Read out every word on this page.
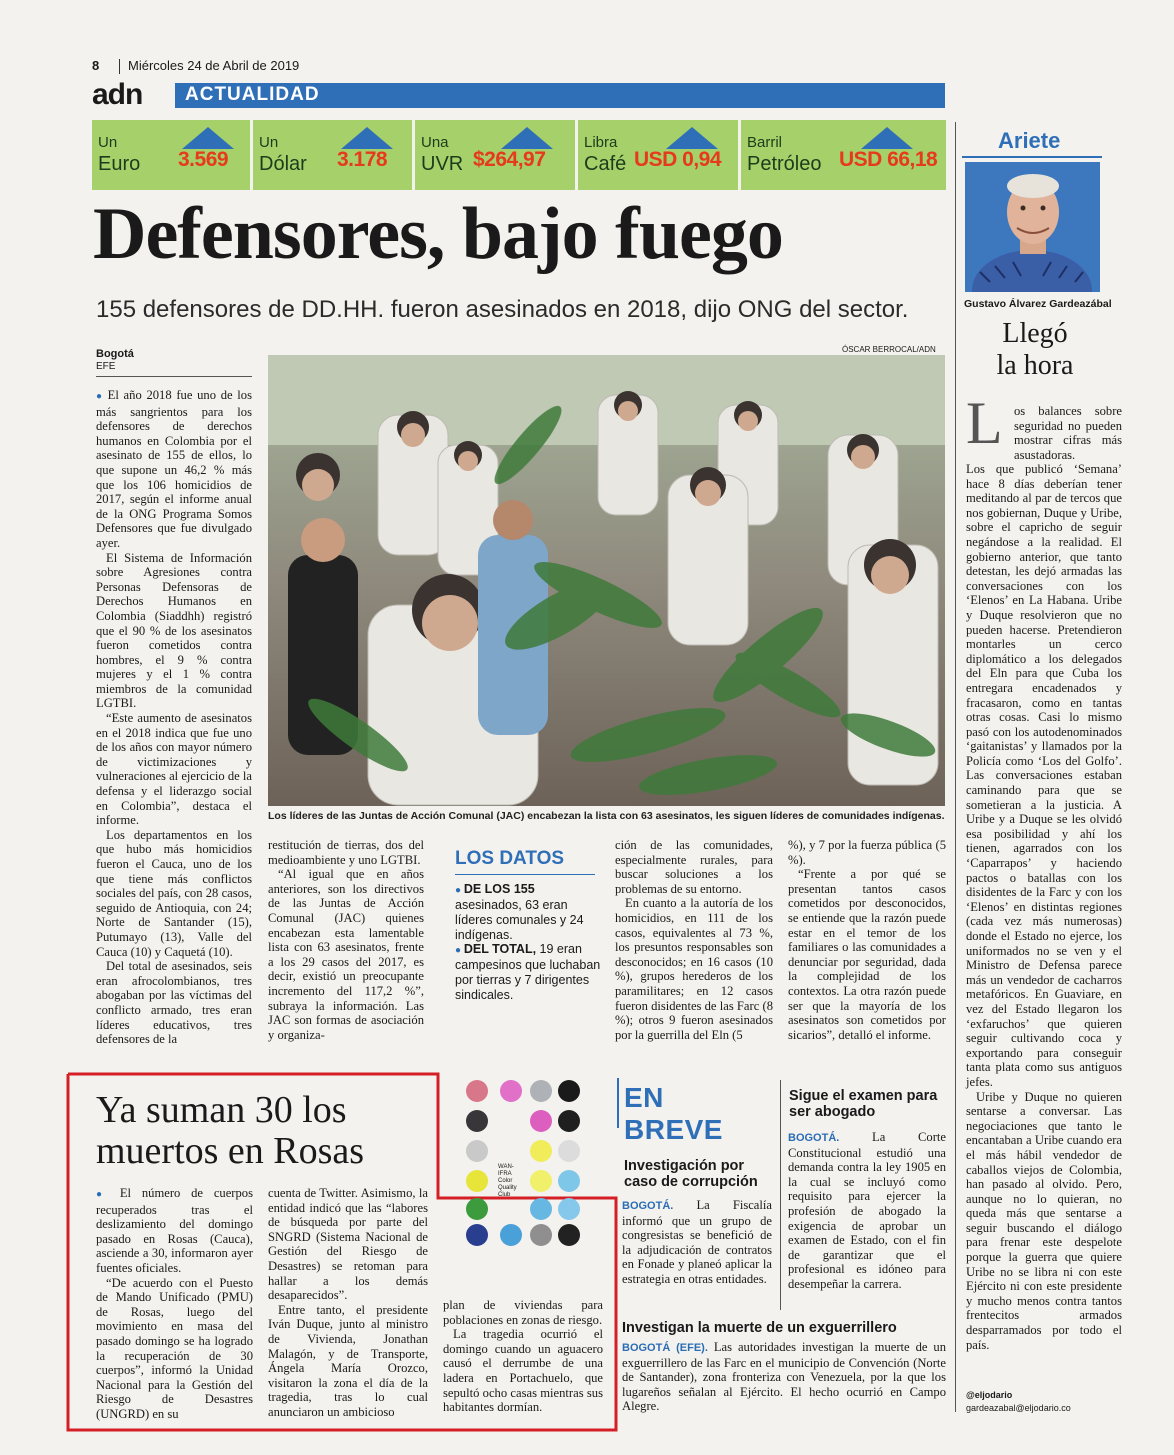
8 Miércoles 24 de Abril de 2019
adn ACTUALIDAD
Un
Euro 3.569
Un
Dólar 3.178
Una
UVR $264,97
Libra
Café USD 0,94
Barril
Petróleo USD 66,18
Defensores, bajo fuego
155 defensores de DD.HH. fueron asesinados en 2018, dijo ONG del sector.
Bogotá
EFE
ÓSCAR BERROCAL/ADN
Los líderes de las Juntas de Acción Comunal (JAC) encabezan la lista con 63 asesinatos, les siguen líderes de comunidades indígenas.

● El año 2018 fue uno de los más sangrientos para los defensores de derechos humanos en Colombia por el asesinato de 155 de ellos, lo que supone un 46,2 % más que los 106 homicidios de 2017, según el informe anual de la ONG Programa Somos Defensores que fue divulgado ayer.

El Sistema de Información sobre Agresiones contra Personas Defensoras de Derechos Humanos en Colombia (Siaddhh) registró que el 90 % de los asesinatos fueron cometidos contra hombres, el 9 % contra mujeres y el 1 % contra miembros de la comunidad LGTBI.

“Este aumento de asesinatos en el 2018 indica que fue uno de los años con mayor número de victimizaciones y vulneraciones al ejercicio de la defensa y el liderazgo social en Colombia”, destaca el informe.

Los departamentos en los que hubo más homicidios fueron el Cauca, uno de los que tiene más conflictos sociales del país, con 28 casos, seguido de Antioquia, con 24; Norte de Santander (15), Putumayo (13), Valle del Cauca (10) y Caquetá (10).

Del total de asesinados, seis eran afrocolombianos, tres abogaban por las víctimas del conflicto armado, tres eran líderes educativos, tres defensores de la

restitución de tierras, dos del medioambiente y uno LGTBI.

“Al igual que en años anteriores, son los directivos de las Juntas de Acción Comunal (JAC) quienes encabezan esta lamentable lista con 63 asesinatos, frente a los 29 casos del 2017, es decir, existió un preocupante incremento del 117,2 %”, subraya la información. Las JAC son formas de asociación y organiza-

LOS DATOS
● DE LOS 155 asesinados, 63 eran líderes comunales y 24 indígenas.
● DEL TOTAL, 19 eran campesinos que luchaban por tierras y 7 dirigentes sindicales.

ción de las comunidades, especialmente rurales, para buscar soluciones a los problemas de su entorno.

En cuanto a la autoría de los homicidios, en 111 de los casos, equivalentes al 73 %, los presuntos responsables son desconocidos; en 16 casos (10 %), grupos herederos de los paramilitares; en 12 casos fueron disidentes de las Farc (8 %); otros 9 fueron asesinados por la guerrilla del Eln (5

%), y 7 por la fuerza pública (5 %).

“Frente a por qué se presentan tantos casos cometidos por desconocidos, se entiende que la razón puede estar en el temor de los familiares o las comunidades a denunciar por seguridad, dada la complejidad de los contextos. La otra razón puede ser que la mayoría de los asesinatos son cometidos por sicarios”, detalló el informe.

Ya suman 30 los muertos en Rosas

● El número de cuerpos recuperados tras el deslizamiento del domingo pasado en Rosas (Cauca), asciende a 30, informaron ayer fuentes oficiales.

“De acuerdo con el Puesto de Mando Unificado (PMU) de Rosas, luego del movimiento en masa del pasado domingo se ha logrado la recuperación de 30 cuerpos”, informó la Unidad Nacional para la Gestión del Riesgo de Desastres (UNGRD) en su

cuenta de Twitter. Asimismo, la entidad indicó que las “labores de búsqueda por parte del SNGRD (Sistema Nacional de Gestión del Riesgo de Desastres) se retoman para hallar a los demás desaparecidos”.

Entre tanto, el presidente Iván Duque, junto al ministro de Vivienda, Jonathan Malagón, y de Transporte, Ángela María Orozco, visitaron la zona el día de la tragedia, tras lo cual anunciaron un ambicioso

plan de viviendas para poblaciones en zonas de riesgo.

La tragedia ocurrió el domingo cuando un aguacero causó el derrumbe de una ladera en Portachuelo, que sepultó ocho casas mientras sus habitantes dormían.

WAN-IFRA Color Quality Club
EN
BREVE
Investigación por caso de corrupción
BOGOTÁ. La Fiscalía informó que un grupo de congresistas se benefició de la adjudicación de contratos en Fonade y planeó aplicar la estrategia en otras entidades.
Sigue el examen para ser abogado
BOGOTÁ. La Corte Constitucional estudió una demanda contra la ley 1905 en la cual se incluyó como requisito para ejercer la profesión de abogado la exigencia de aprobar un examen de Estado, con el fin de garantizar que el profesional es idóneo para desempeñar la carrera.
Investigan la muerte de un exguerrillero
BOGOTÁ (EFE). Las autoridades investigan la muerte de un exguerrillero de las Farc en el municipio de Convención (Norte de Santander), zona fronteriza con Venezuela, por la que los lugareños señalan al Ejército. El hecho ocurrió en Campo Alegre.
Ariete
Gustavo Álvarez Gardeazábal
Llegó
la hora
L os balances sobre seguridad no pueden mostrar cifras más asustadoras.

Los que publicó ‘Semana’ hace 8 días deberían tener meditando al par de tercos que nos gobiernan, Duque y Uribe, sobre el capricho de seguir negándose a la realidad. El gobierno anterior, que tanto detestan, les dejó armadas las conversaciones con los ‘Elenos’ en La Habana. Uribe y Duque resolvieron que no pueden hacerse. Pretendieron montarles un cerco diplomático a los delegados del Eln para que Cuba los entregara encadenados y fracasaron, como en tantas otras cosas. Casi lo mismo pasó con los autodenominados ‘gaitanistas’ y llamados por la Policía como ‘Los del Golfo’. Las conversaciones estaban caminando para que se sometieran a la justicia. A Uribe y a Duque se les olvidó esa posibilidad y ahí los tienen, agarrados con los ‘Caparrapos’ y haciendo pactos o batallas con los disidentes de la Farc y con los ‘Elenos’ en distintas regiones (cada vez más numerosas) donde el Estado no ejerce, los uniformados no se ven y el Ministro de Defensa parece más un vendedor de cacharros metafóricos. En Guaviare, en vez del Estado llegaron los ‘exfaruchos’ que quieren seguir cultivando coca y exportando para conseguir tanta plata como sus antiguos jefes.

Uribe y Duque no quieren sentarse a conversar. Las negociaciones que tanto le encantaban a Uribe cuando era el más hábil vendedor de caballos viejos de Colombia, han pasado al olvido. Pero, aunque no lo quieran, no queda más que sentarse a seguir buscando el diálogo para frenar este despelote porque la guerra que quiere Uribe no se libra ni con este Ejército ni con este presidente y mucho menos contra tantos frentecitos armados desparramados por todo el país.

@eljodario
gardeazabal@eljodario.co
